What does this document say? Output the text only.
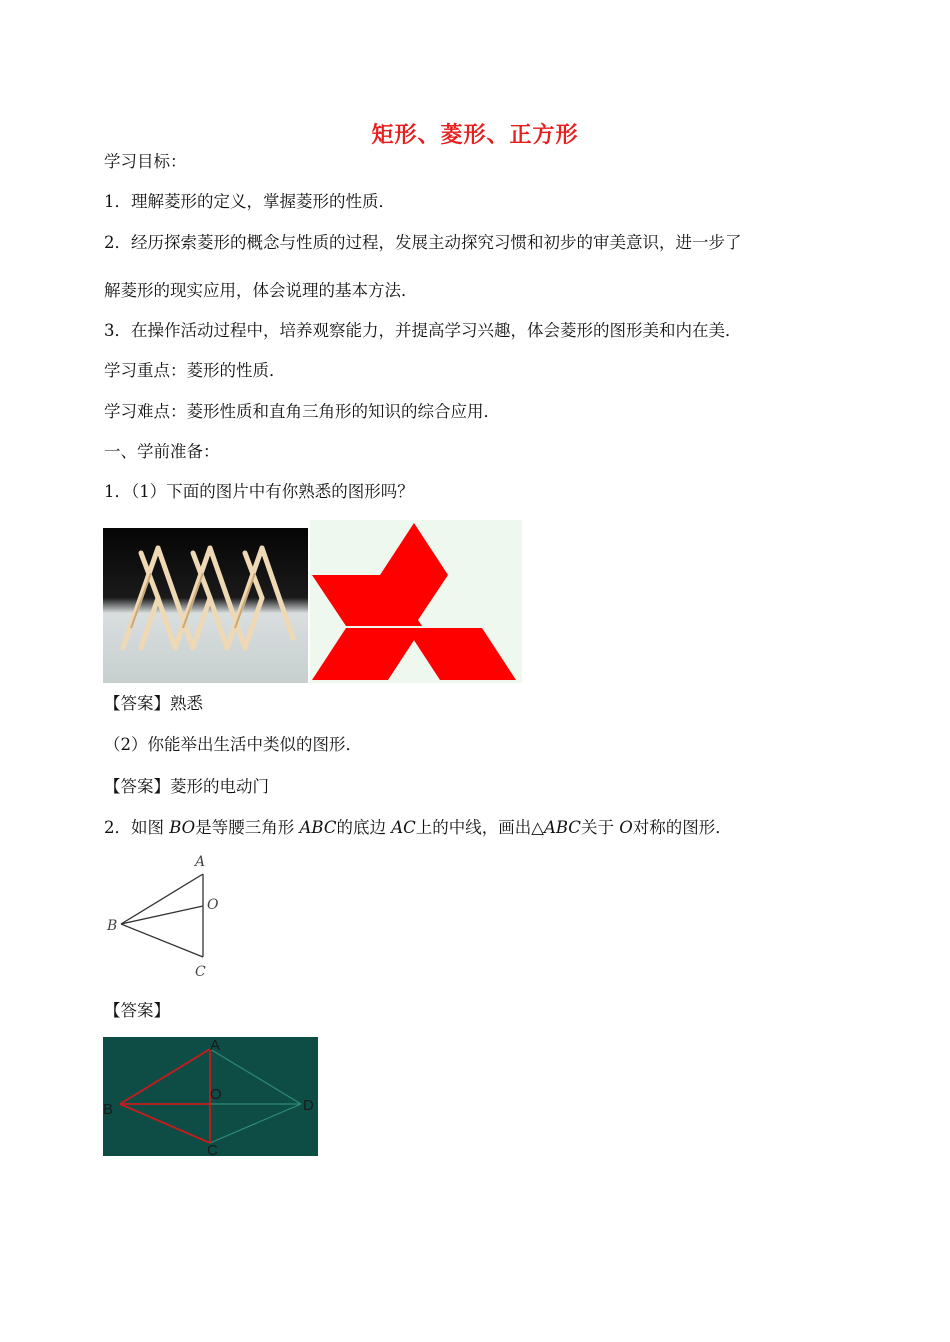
矩形、菱形、正方形
学习目标：
1．理解菱形的定义，掌握菱形的性质．
2．经历探索菱形的概念与性质的过程，发展主动探究习惯和初步的审美意识，进一步了
解菱形的现实应用，体会说理的基本方法．
3．在操作活动过程中，培养观察能力，并提高学习兴趣，体会菱形的图形美和内在美．
学习重点：菱形的性质．
学习难点：菱形性质和直角三角形的知识的综合应用．
一、学前准备：
1．（1）下面的图片中有你熟悉的图形吗？
【答案】熟悉
（2）你能举出生活中类似的图形．
【答案】菱形的电动门
2．如图 BO是等腰三角形 ABC的底边 AC上的中线，画出△ABC关于 O对称的图形．
A
O
B
C
【答案】
A
B
O
D
C
